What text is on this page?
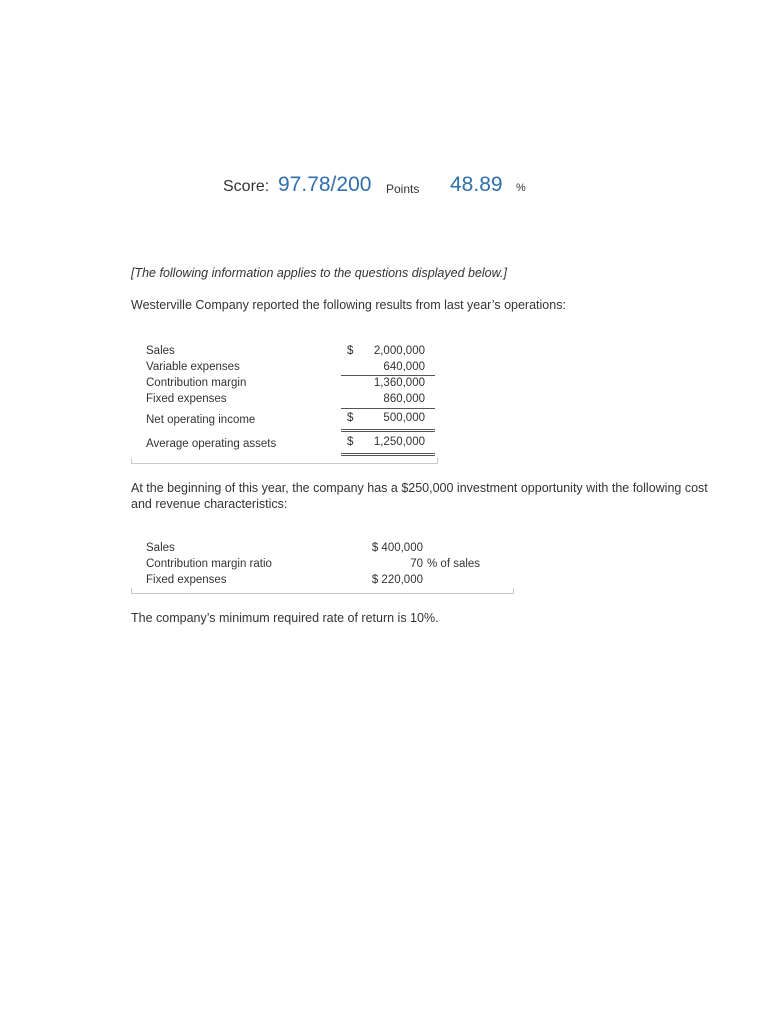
Score: 97.78/200 Points 48.89 %
[The following information applies to the questions displayed below.]
Westerville Company reported the following results from last year’s operations:
Sales	$	2,000,000
Variable expenses	640,000
Contribution margin	1,360,000
Fixed expenses	860,000
Net operating income	$	500,000
Average operating assets	$	1,250,000
At the beginning of this year, the company has a $250,000 investment opportunity with the following cost and revenue characteristics:
Sales	$ 400,000
Contribution margin ratio	70 % of sales
Fixed expenses	$ 220,000
The company’s minimum required rate of return is 10%.
